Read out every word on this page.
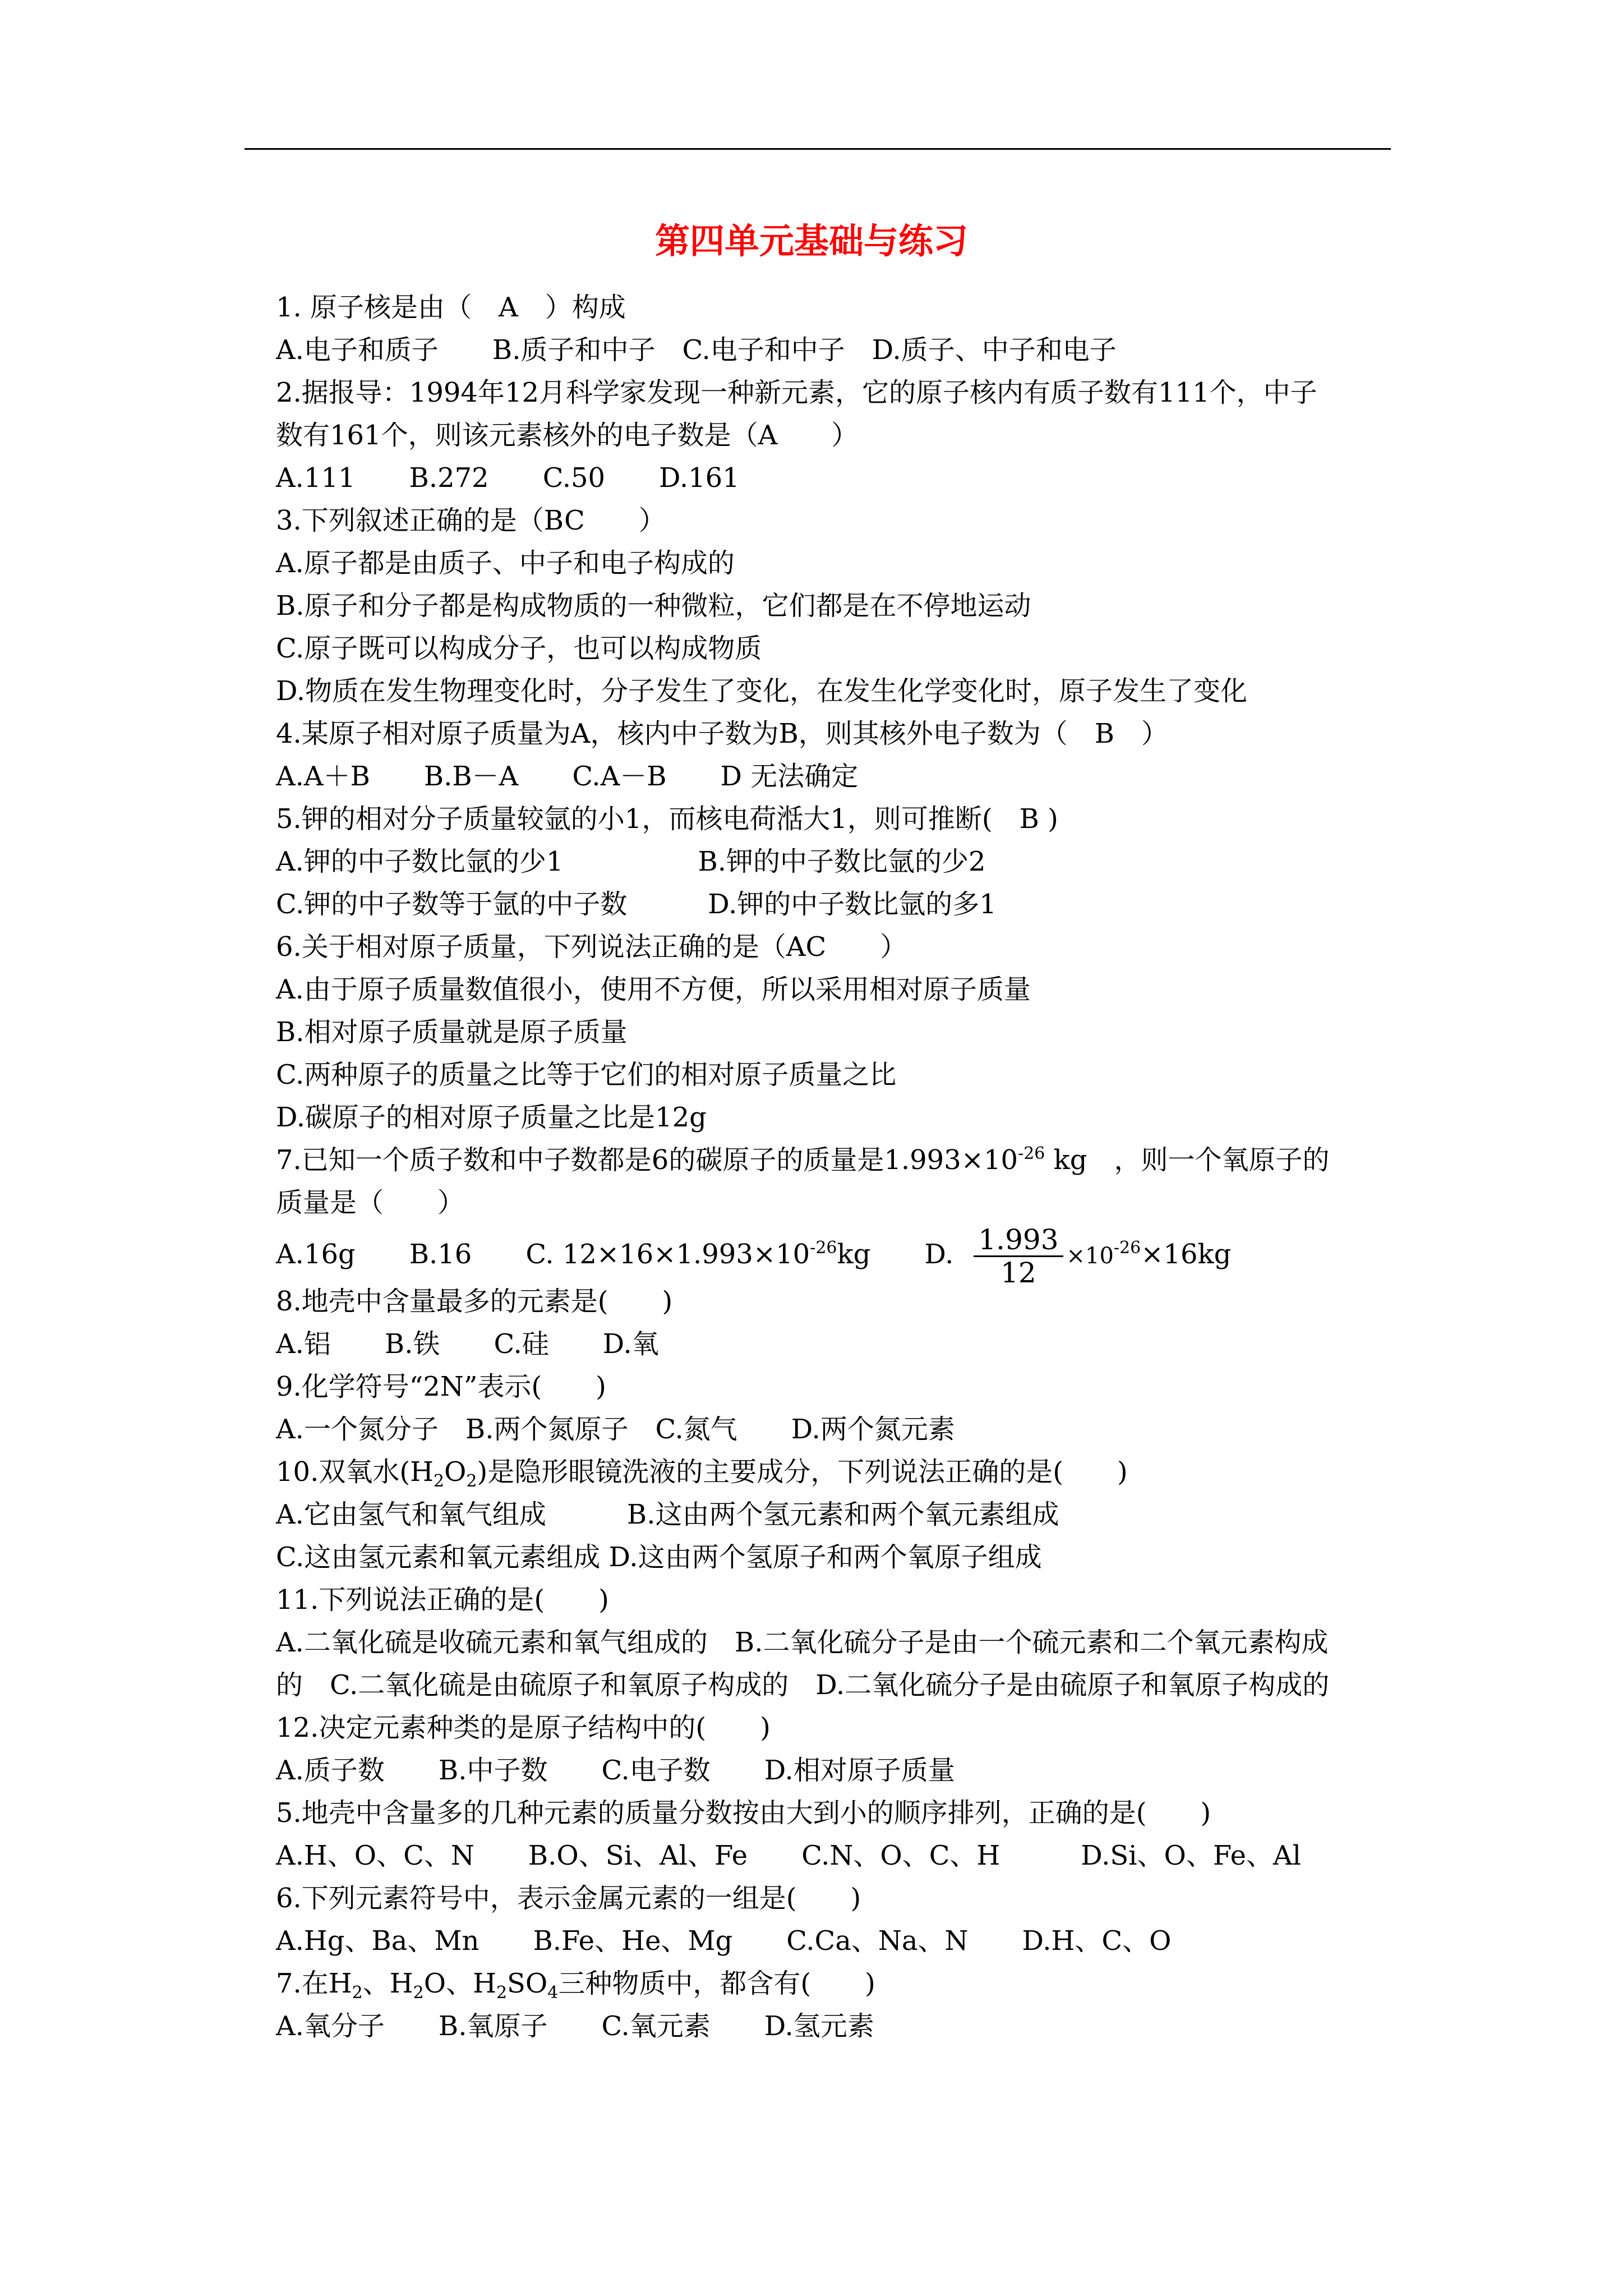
第四单元基础与练习
1. 原子核是由（　A　）构成
A.电子和质子　　B.质子和中子　C.电子和中子　D.质子、中子和电子
2.据报导：1994年12月科学家发现一种新元素，它的原子核内有质子数有111个，中子
数有161个，则该元素核外的电子数是（A　　）
A.111　　B.272　　C.50　　D.161
3.下列叙述正确的是（BC　　）
A.原子都是由质子、中子和电子构成的
B.原子和分子都是构成物质的一种微粒，它们都是在不停地运动
C.原子既可以构成分子，也可以构成物质
D.物质在发生物理变化时，分子发生了变化，在发生化学变化时，原子发生了变化
4.某原子相对原子质量为A，核内中子数为B，则其核外电子数为（　B　）
A.A＋B　　B.B－A　　C.A－B　　D 无法确定
5.钾的相对分子质量较氩的小1，而核电荷湉大1，则可推断(　B )
A.钾的中子数比氩的少1　　　　　B.钾的中子数比氩的少2
C.钾的中子数等于氩的中子数　　　D.钾的中子数比氩的多1
6.关于相对原子质量，下列说法正确的是（AC　　）
A.由于原子质量数值很小，使用不方便，所以采用相对原子质量
B.相对原子质量就是原子质量
C.两种原子的质量之比等于它们的相对原子质量之比
D.碳原子的相对原子质量之比是12g
7.已知一个质子数和中子数都是6的碳原子的质量是$1.993\times 10^{-26}$ kg　，则一个氧原子的
质量是（　　）
A.16g　　B.16　　C. $12\times 16\times 1.993\times 10^{-26}kg$　　D. $\frac{1.993}{12} \times 10^{-26}\times 16kg$
8.地壳中含量最多的元素是(　　)
A.铝　　B.铁　　C.硅　　D.氧
9.化学符号“2N”表示(　　)
A.一个氮分子　B.两个氮原子　C.氮气　　D.两个氮元素
10.双氧水$(H_2O_2)$是隐形眼镜洗液的主要成分，下列说法正确的是(　　)
A.它由氢气和氧气组成　　　B.这由两个氢元素和两个氧元素组成
C.这由氢元素和氧元素组成 D.这由两个氢原子和两个氧原子组成
11.下列说法正确的是(　　)
A.二氧化硫是收硫元素和氧气组成的　B.二氧化硫分子是由一个硫元素和二个氧元素构成
的　C.二氧化硫是由硫原子和氧原子构成的　D.二氧化硫分子是由硫原子和氧原子构成的
12.决定元素种类的是原子结构中的(　　)
A.质子数　　B.中子数　　C.电子数　　D.相对原子质量
5.地壳中含量多的几种元素的质量分数按由大到小的顺序排列，正确的是(　　)
A.H、O、C、N　　B.O、Si、Al、Fe　　C.N、O、C、H　　　D.Si、O、Fe、Al
6.下列元素符号中，表示金属元素的一组是(　　)
A.Hg、Ba、Mn　　B.Fe、He、Mg　　C.Ca、Na、N　　D.H、C、O
7.在$H_2$、$H_2O$、$H_2SO_4$三种物质中，都含有(　　)
A.氧分子　　B.氧原子　　C.氧元素　　D.氢元素
